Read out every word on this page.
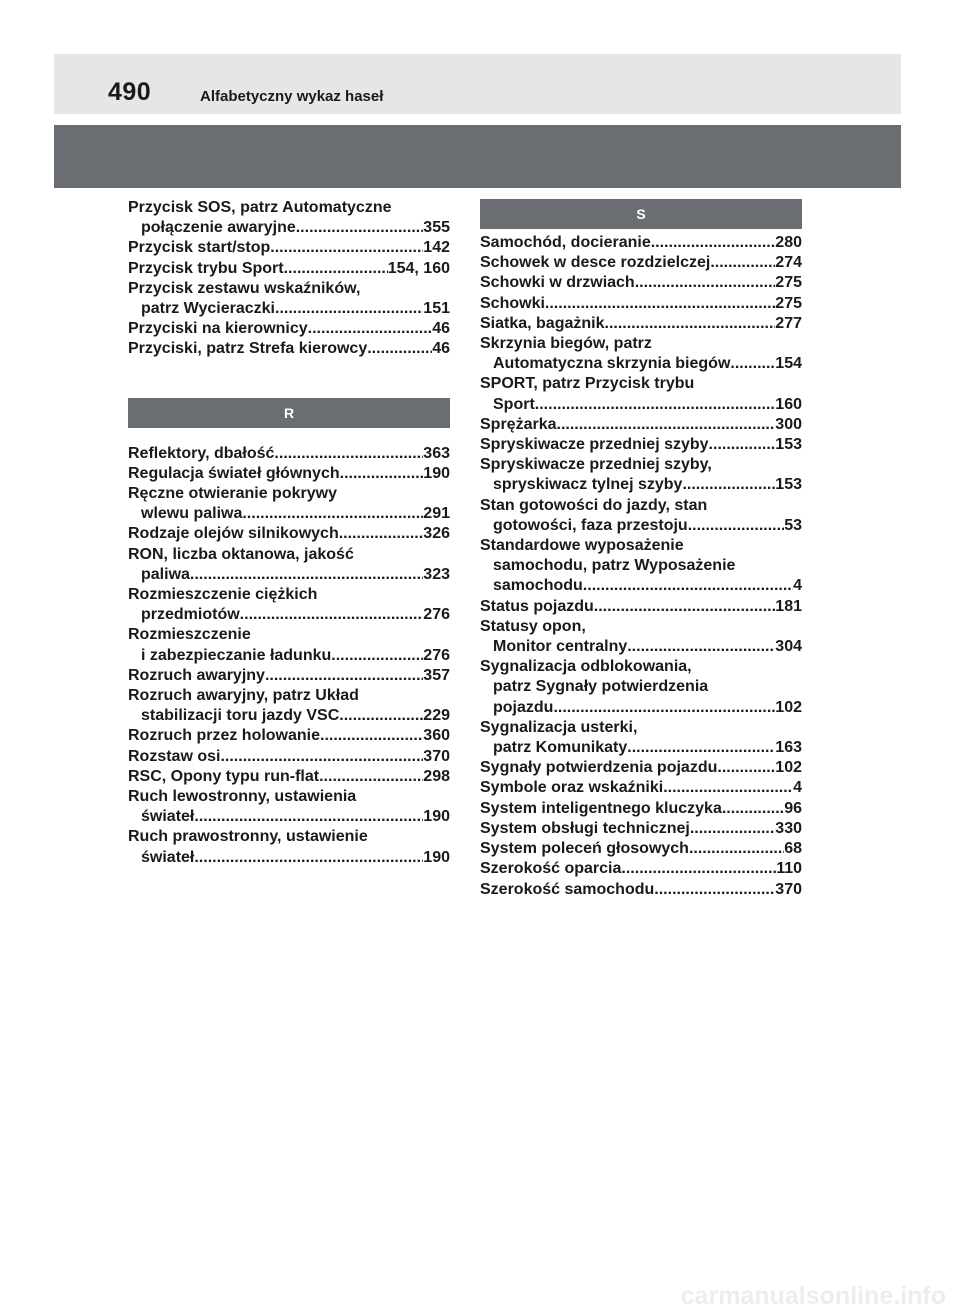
490	Alfabetyczny wykaz haseł
Przycisk SOS, patrz Automatyczne
połączenie awaryjne .....	355
Przycisk start/stop .....	142
Przycisk trybu Sport .....	154, 160
Przycisk zestawu wskaźników,
patrz Wycieraczki .....	151
Przyciski na kierownicy .....	46
Przyciski, patrz Strefa kierowcy .....	46
R
Reflektory, dbałość .....	363
Regulacja świateł głównych .....	190
Ręczne otwieranie pokrywy
wlewu paliwa .....	291
Rodzaje olejów silnikowych .....	326
RON, liczba oktanowa, jakość
paliwa .....	323
Rozmieszczenie ciężkich
przedmiotów .....	276
Rozmieszczenie
i zabezpieczanie ładunku .....	276
Rozruch awaryjny .....	357
Rozruch awaryjny, patrz Układ
stabilizacji toru jazdy VSC .....	229
Rozruch przez holowanie .....	360
Rozstaw osi .....	370
RSC, Opony typu run-flat .....	298
Ruch lewostronny, ustawienia
świateł .....	190
Ruch prawostronny, ustawienie
świateł .....	190
S
Samochód, docieranie .....	280
Schowek w desce rozdzielczej .....	274
Schowki w drzwiach .....	275
Schowki .....	275
Siatka, bagażnik .....	277
Skrzynia biegów, patrz
Automatyczna skrzynia biegów .....	154
SPORT, patrz Przycisk trybu
Sport .....	160
Sprężarka .....	300
Spryskiwacze przedniej szyby .....	153
Spryskiwacze przedniej szyby,
spryskiwacz tylnej szyby .....	153
Stan gotowości do jazdy, stan
gotowości, faza przestoju .....	53
Standardowe wyposażenie
samochodu, patrz Wyposażenie
samochodu .....	4
Status pojazdu .....	181
Statusy opon,
Monitor centralny .....	304
Sygnalizacja odblokowania,
patrz Sygnały potwierdzenia
pojazdu .....	102
Sygnalizacja usterki,
patrz Komunikaty .....	163
Sygnały potwierdzenia pojazdu .....	102
Symbole oraz wskaźniki .....	4
System inteligentnego kluczyka .....	96
System obsługi technicznej .....	330
System poleceń głosowych .....	68
Szerokość oparcia .....	110
Szerokość samochodu .....	370
carmanualsonline.info
